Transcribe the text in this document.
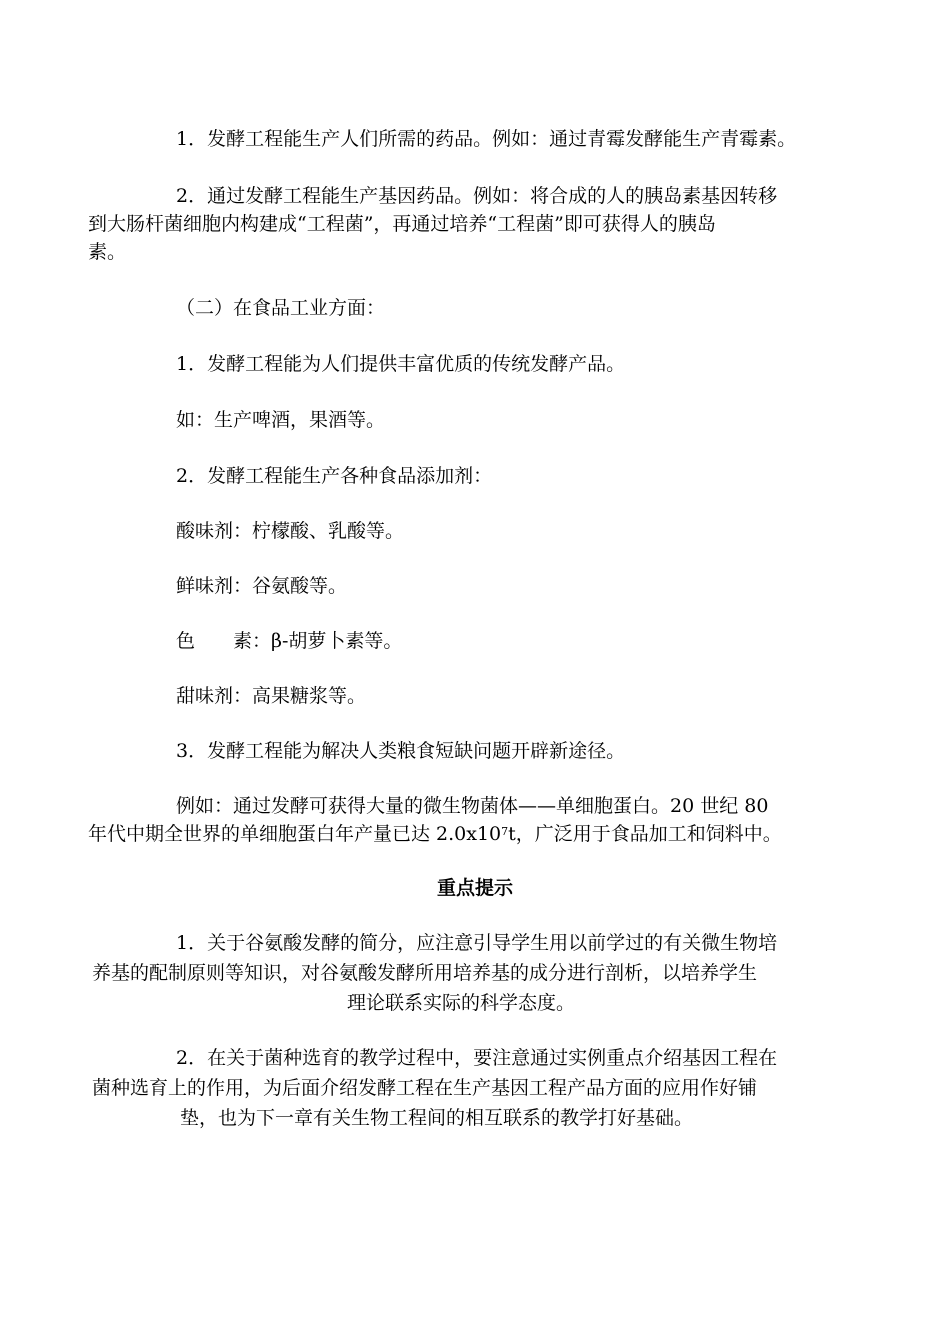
1．发酵工程能生产人们所需的药品。例如：通过青霉发酵能生产青霉素。
2．通过发酵工程能生产基因药品。例如：将合成的人的胰岛素基因转移
到大肠杆菌细胞内构建成“工程菌”，再通过培养“工程菌”即可获得人的胰岛
素。
（二）在食品工业方面：
1．发酵工程能为人们提供丰富优质的传统发酵产品。
如：生产啤酒，果酒等。
2．发酵工程能生产各种食品添加剂：
酸味剂：柠檬酸、乳酸等。
鲜味剂：谷氨酸等。
色　　素：β-胡萝卜素等。
甜味剂：高果糖浆等。
3．发酵工程能为解决人类粮食短缺问题开辟新途径。
例如：通过发酵可获得大量的微生物菌体——单细胞蛋白。20 世纪 80
年代中期全世界的单细胞蛋白年产量已达 $2.0x10^7t$，广泛用于食品加工和饲料中。
重点提示
1．关于谷氨酸发酵的简分，应注意引导学生用以前学过的有关微生物培
养基的配制原则等知识，对谷氨酸发酵所用培养基的成分进行剖析，以培养学生
理论联系实际的科学态度。
2．在关于菌种选育的教学过程中，要注意通过实例重点介绍基因工程在
菌种选育上的作用，为后面介绍发酵工程在生产基因工程产品方面的应用作好铺
垫，也为下一章有关生物工程间的相互联系的教学打好基础。
